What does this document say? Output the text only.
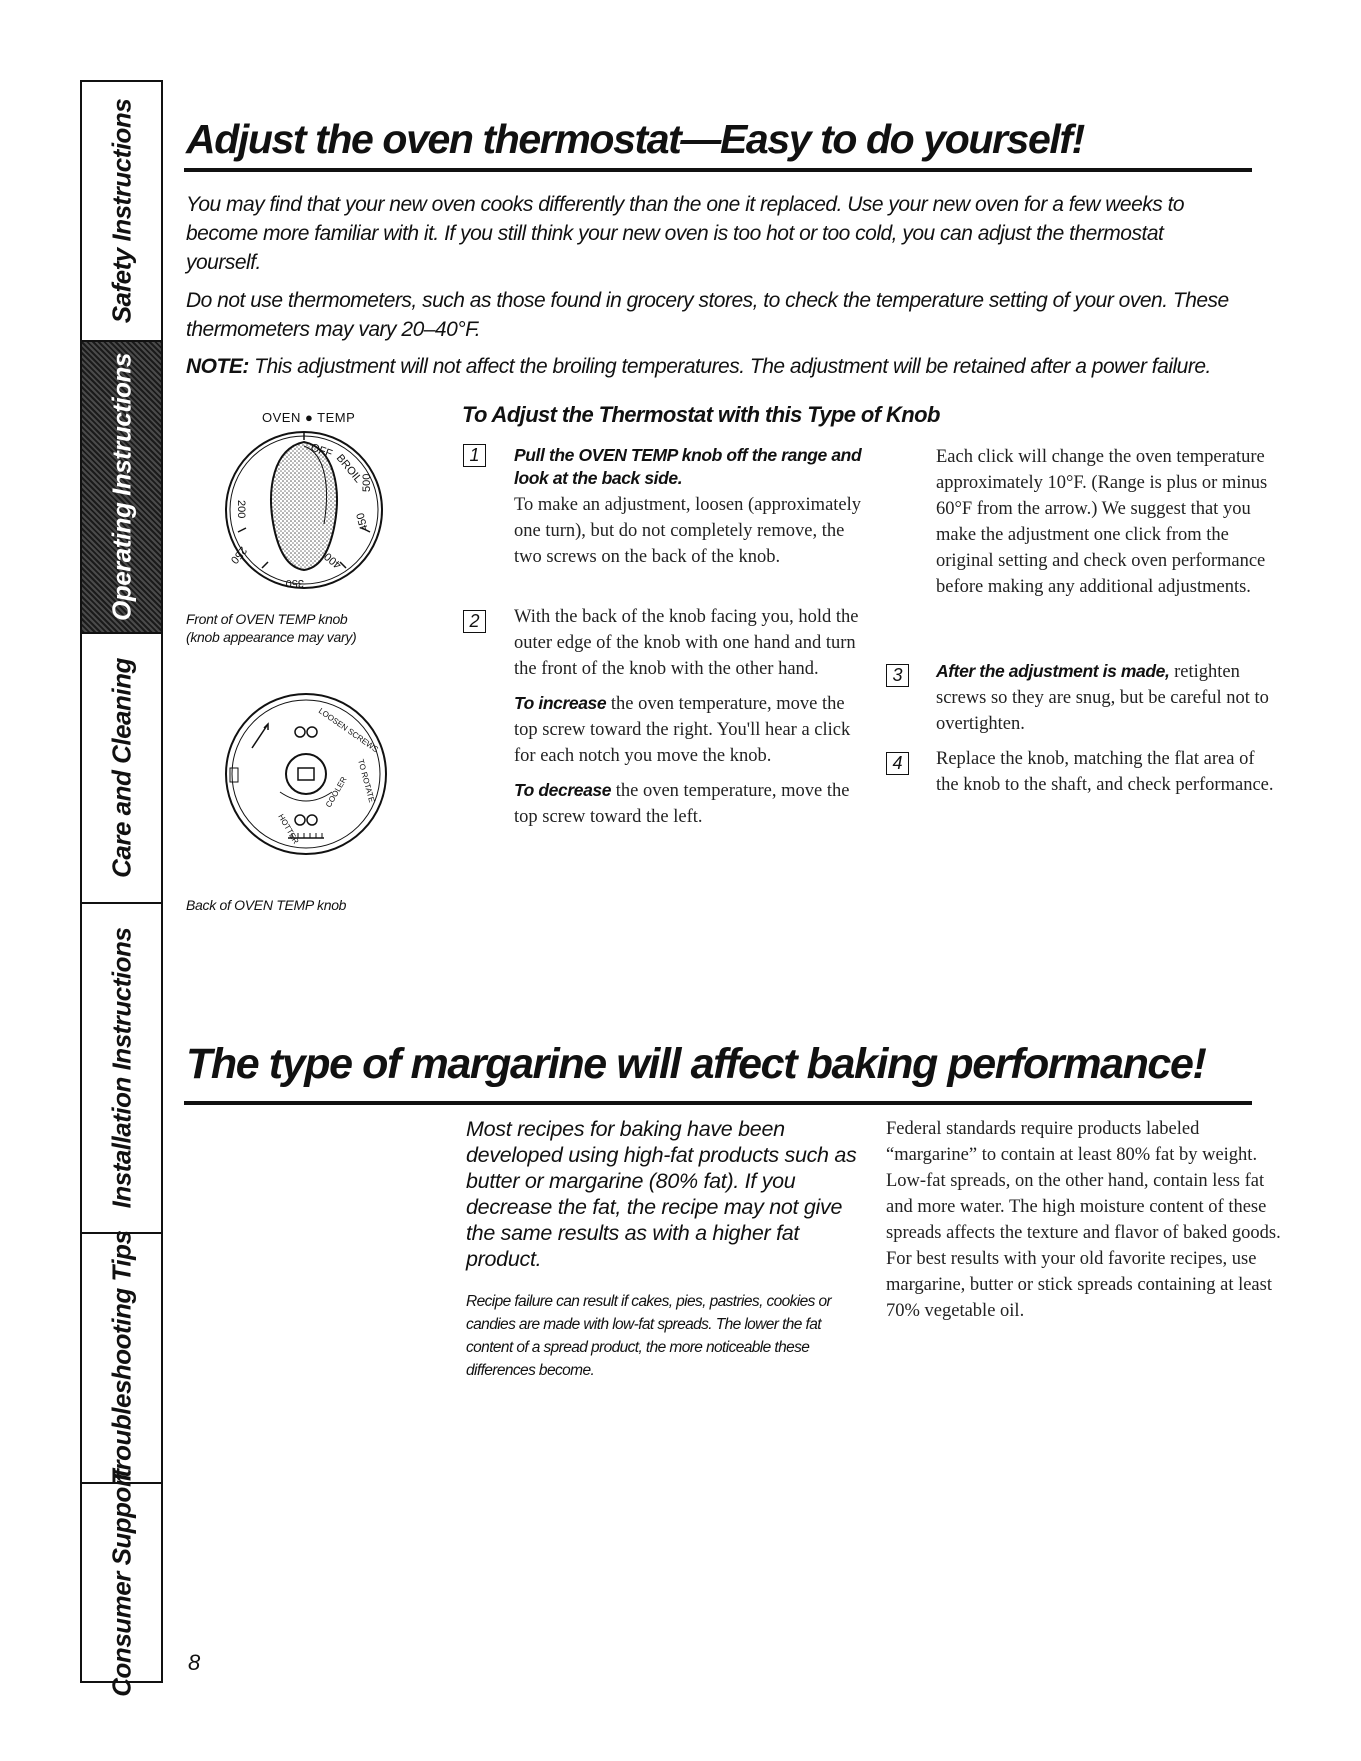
Safety Instructions
Operating Instructions
Care and Cleaning
Installation Instructions
Troubleshooting Tips
Consumer Support
Adjust the oven thermostat—Easy to do yourself!

You may find that your new oven cooks differently than the one it replaced. Use your new oven for a few weeks to become more familiar with it. If you still think your new oven is too hot or too cold, you can adjust the thermostat yourself.

Do not use thermometers, such as those found in grocery stores, to check the temperature setting of your oven. These thermometers may vary 20–40°F.

NOTE: This adjustment will not affect the broiling temperatures. The adjustment will be retained after a power failure.

OVEN ● TEMP
OFF
BROIL
200
250
350
400
450
500
Front of OVEN TEMP knob
(knob appearance may vary)
LOOSEN SCREWS
TO ROTATE
HOTTER
COOLER
Back of OVEN TEMP knob
To Adjust the Thermostat with this Type of Knob
1	Pull the OVEN TEMP knob off the range and look at the back side.

To make an adjustment, loosen (approximately one turn), but do not completely remove, the two screws on the back of the knob.

2	With the back of the knob facing you, hold the outer edge of the knob with one hand and turn the front of the knob with the other hand.

To increase the oven temperature, move the top screw toward the right. You'll hear a click for each notch you move the knob.

To decrease the oven temperature, move the top screw toward the left.

Each click will change the oven temperature approximately 10°F. (Range is plus or minus 60°F from the arrow.) We suggest that you make the adjustment one click from the original setting and check oven performance before making any additional adjustments.

3	After the adjustment is made, retighten screws so they are snug, but be careful not to overtighten.

4	Replace the knob, matching the flat area of the knob to the shaft, and check performance.

The type of margarine will affect baking performance!

Most recipes for baking have been developed using high-fat products such as butter or margarine (80% fat). If you decrease the fat, the recipe may not give the same results as with a higher fat product.

Recipe failure can result if cakes, pies, pastries, cookies or candies are made with low-fat spreads. The lower the fat content of a spread product, the more noticeable these differences become.

Federal standards require products labeled “margarine” to contain at least 80% fat by weight. Low-fat spreads, on the other hand, contain less fat and more water. The high moisture content of these spreads affects the texture and flavor of baked goods. For best results with your old favorite recipes, use margarine, butter or stick spreads containing at least 70% vegetable oil.

8
